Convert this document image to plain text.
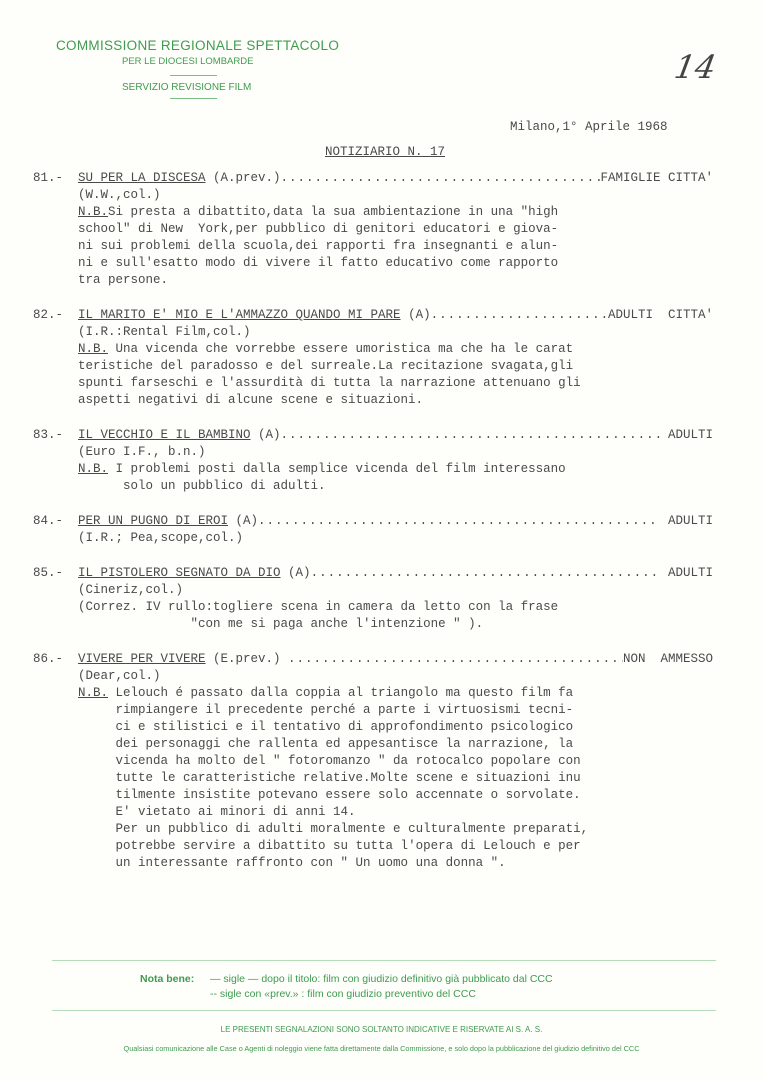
COMMISSIONE REGIONALE SPETTACOLO
PER LE DIOCESI LOMBARDE
SERVIZIO REVISIONE FILM
14
Milano,1° Aprile 1968
NOTIZIARIO N. 17
81.-	SU PER LA DISCESA (A.prev.) .....	FAMIGLIE CITTA'
(W.W.,col.)
N.B.Si presta a dibattito,data la sua ambientazione in una "high
school" di New  York,per pubblico di genitori educatori e giova-
ni sui problemi della scuola,dei rapporti fra insegnanti e alun-
ni e sull'esatto modo di vivere il fatto educativo come rapporto
tra persone.
82.-	IL MARITO E' MIO E L'AMMAZZO QUANDO MI PARE (A) .....	ADULTI  CITTA'
(I.R.:Rental Film,col.)
N.B. Una vicenda che vorrebbe essere umoristica ma che ha le carat
teristiche del paradosso e del surreale.La recitazione svagata,gli
spunti farseschi e l'assurdità di tutta la narrazione attenuano gli
aspetti negativi di alcune scene e situazioni.
83.-	IL VECCHIO E IL BAMBINO (A) .....	ADULTI
(Euro I.F., b.n.)
N.B. I problemi posti dalla semplice vicenda del film interessano
solo un pubblico di adulti.
84.-	PER UN PUGNO DI EROI (A) .....	ADULTI
(I.R.; Pea,scope,col.)
85.-	IL PISTOLERO SEGNATO DA DIO (A) .....	ADULTI
(Cineriz,col.)
(Correz. IV rullo:togliere scena in camera da letto con la frase
"con me si paga anche l'intenzione " ).
86.-	VIVERE PER VIVERE (E.prev.) .....	NON  AMMESSO
(Dear,col.)
N.B. Lelouch é passato dalla coppia al triangolo ma questo film fa
rimpiangere il precedente perché a parte i virtuosismi tecni-
ci e stilistici e il tentativo di approfondimento psicologico
dei personaggi che rallenta ed appesantisce la narrazione, la
vicenda ha molto del " fotoromanzo " da rotocalco popolare con
tutte le caratteristiche relative.Molte scene e situazioni inu
tilmente insistite potevano essere solo accennate o sorvolate.
E' vietato ai minori di anni 14.
Per un pubblico di adulti moralmente e culturalmente preparati,
potrebbe servire a dibattito su tutta l'opera di Lelouch e per
un interessante raffronto con " Un uomo una donna ".
Nota bene: — sigle — dopo il titolo: film con giudizio definitivo già pubblicato dal CCC
-- sigle con «prev.» : film con giudizio preventivo del CCC
LE PRESENTI SEGNALAZIONI SONO SOLTANTO INDICATIVE E RISERVATE AI S. A. S.
Qualsiasi comunicazione alle Case o Agenti di noleggio viene fatta direttamente dalla Commissione, e solo dopo la pubblicazione del giudizio definitivo del CCC
